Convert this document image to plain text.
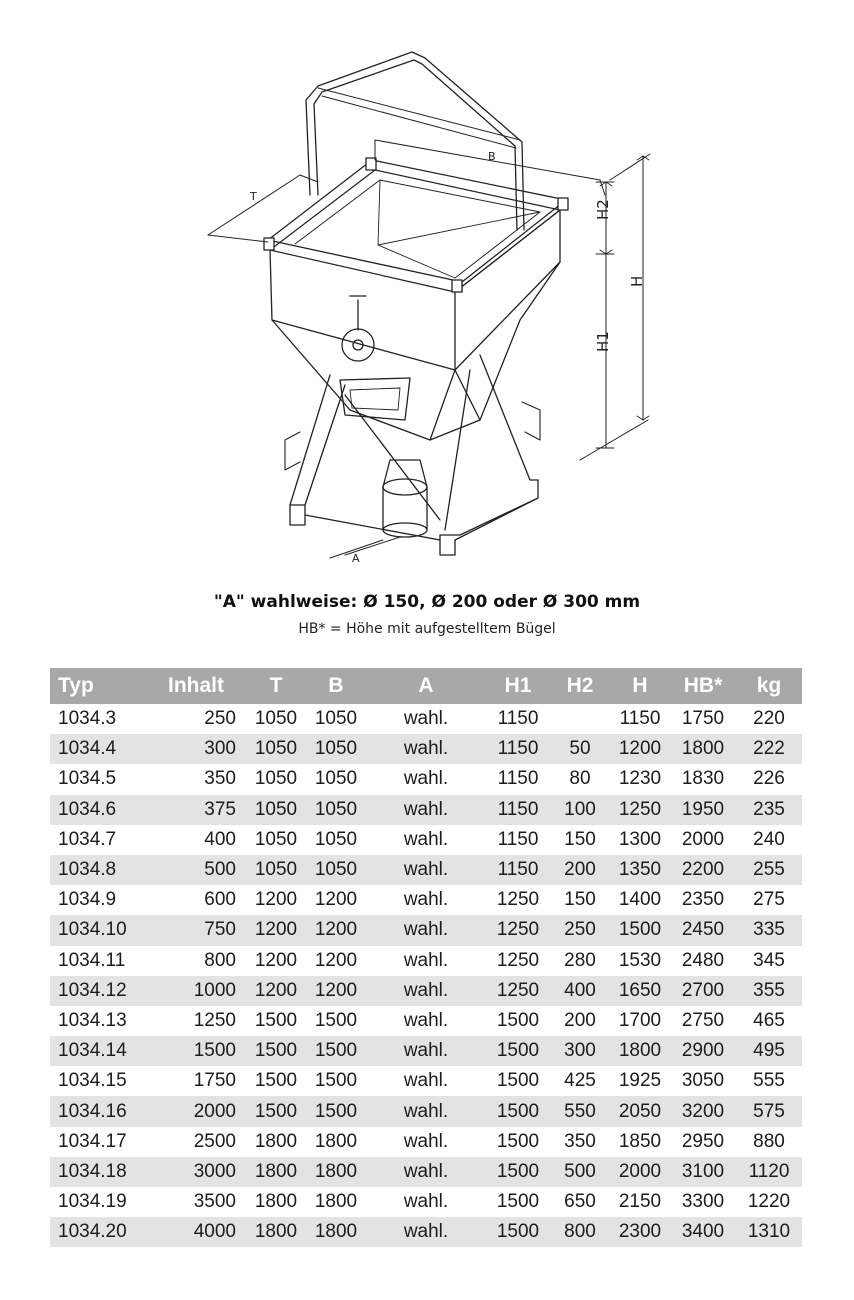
B
T
H2
H1
H
A
"A" wahlweise: Ø 150, Ø 200 oder Ø 300 mm
HB* = Höhe mit aufgestelltem Bügel
Typ	Inhalt	T	B	A	H1	H2	H	HB*	kg
1034.3	250	1050	1050	wahl.	1150		1150	1750	220
1034.4	300	1050	1050	wahl.	1150	50	1200	1800	222
1034.5	350	1050	1050	wahl.	1150	80	1230	1830	226
1034.6	375	1050	1050	wahl.	1150	100	1250	1950	235
1034.7	400	1050	1050	wahl.	1150	150	1300	2000	240
1034.8	500	1050	1050	wahl.	1150	200	1350	2200	255
1034.9	600	1200	1200	wahl.	1250	150	1400	2350	275
1034.10	750	1200	1200	wahl.	1250	250	1500	2450	335
1034.11	800	1200	1200	wahl.	1250	280	1530	2480	345
1034.12	1000	1200	1200	wahl.	1250	400	1650	2700	355
1034.13	1250	1500	1500	wahl.	1500	200	1700	2750	465
1034.14	1500	1500	1500	wahl.	1500	300	1800	2900	495
1034.15	1750	1500	1500	wahl.	1500	425	1925	3050	555
1034.16	2000	1500	1500	wahl.	1500	550	2050	3200	575
1034.17	2500	1800	1800	wahl.	1500	350	1850	2950	880
1034.18	3000	1800	1800	wahl.	1500	500	2000	3100	1120
1034.19	3500	1800	1800	wahl.	1500	650	2150	3300	1220
1034.20	4000	1800	1800	wahl.	1500	800	2300	3400	1310
